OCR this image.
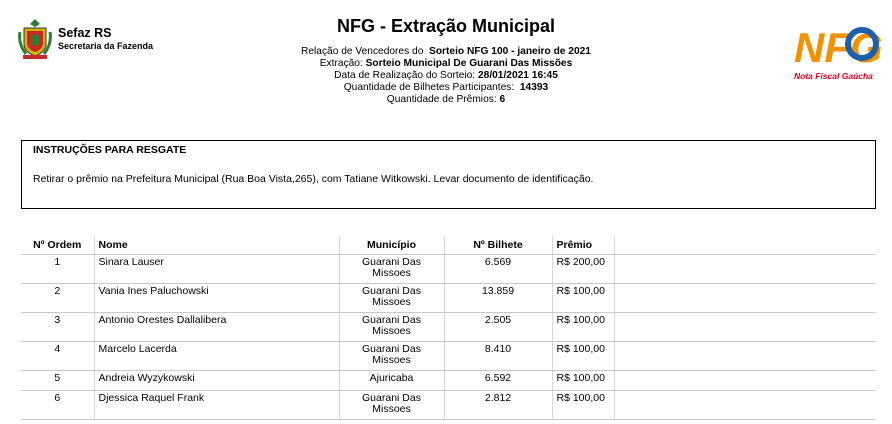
Sefaz RS
Secretaria da Fazenda
NFG - Extração Municipal
Relação de Vencedores do Sorteio NFG 100 - janeiro de 2021
Extração: Sorteio Municipal De Guarani Das Missões
Data de Realização do Sorteio: 28/01/2021 16:45
Quantidade de Bilhetes Participantes: 14393
Quantidade de Prêmios: 6
NFG
Nota Fiscal Gaúcha
INSTRUÇÕES PARA RESGATE
Retirar o prêmio na Prefeitura Municipal (Rua Boa Vista,265), com Tatiane Witkowski. Levar documento de identificação.
Nº Ordem	Nome	Município	Nº Bilhete	Prêmio	
1	Sinara Lauser	Guarani Das
Missoes	6.569	R$ 200,00	
2	Vania Ines Paluchowski	Guarani Das
Missoes	13.859	R$ 100,00	
3	Antonio Orestes Dallalibera	Guarani Das
Missoes	2.505	R$ 100,00	
4	Marcelo Lacerda	Guarani Das
Missoes	8.410	R$ 100,00	
5	Andreia Wyzykowski	Ajuricaba	6.592	R$ 100,00	
6	Djessica Raquel Frank	Guarani Das
Missoes	2.812	R$ 100,00	
